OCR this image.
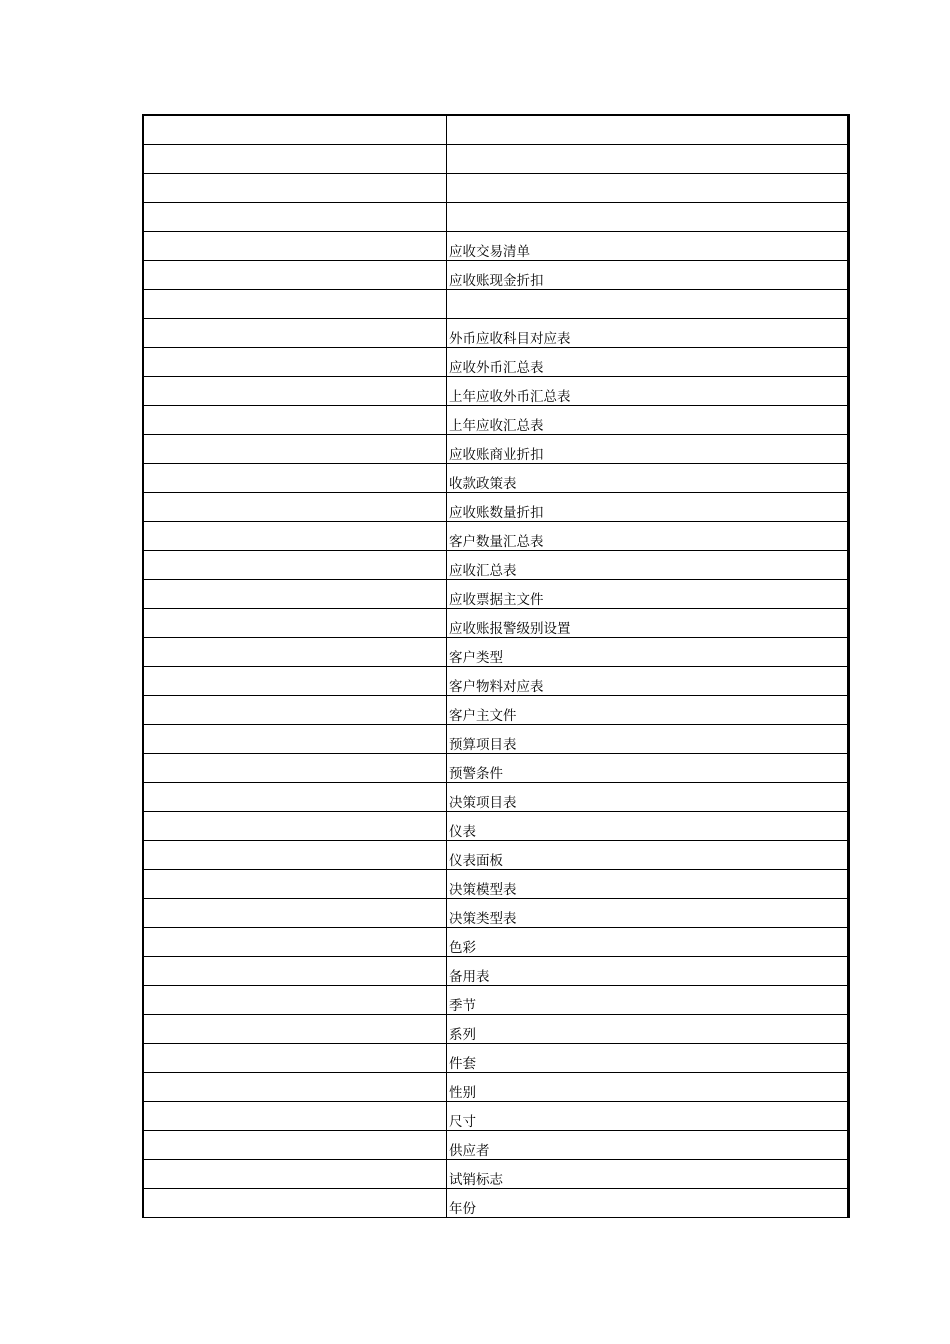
	应收交易清单
	应收账现金折扣

	外币应收科目对应表
	应收外币汇总表
	上年应收外币汇总表
	上年应收汇总表
	应收账商业折扣
	收款政策表
	应收账数量折扣
	客户数量汇总表
	应收汇总表
	应收票据主文件
	应收账报警级别设置
	客户类型
	客户物料对应表
	客户主文件
	预算项目表
	预警条件
	决策项目表
	仪表
	仪表面板
	决策模型表
	决策类型表
	色彩
	备用表
	季节
	系列
	件套
	性别
	尺寸
	供应者
	试销标志
	年份
